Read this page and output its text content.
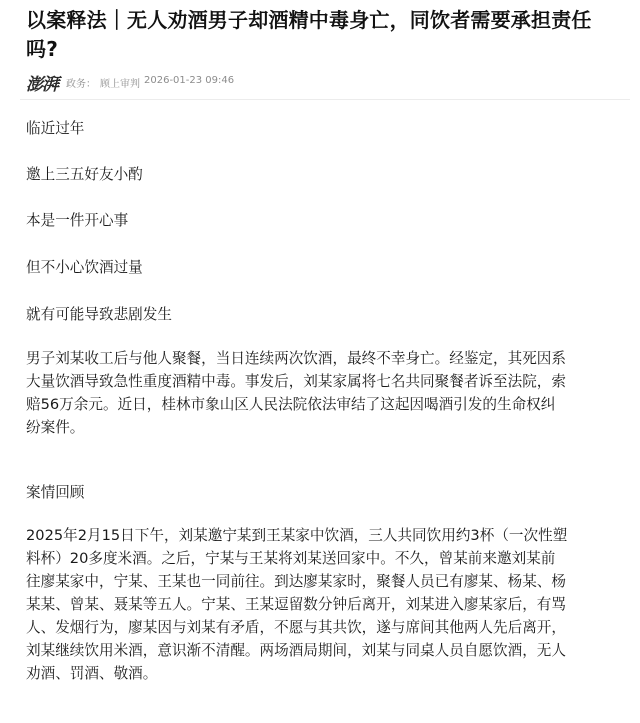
以案释法｜无人劝酒男子却酒精中毒身亡，同饮者需要承担责任
吗?
澎湃 政务： 顾上审判 2026-01-23 09:46

临近过年

邀上三五好友小酌

本是一件开心事

但不小心饮酒过量

就有可能导致悲剧发生

男子刘某收工后与他人聚餐，当日连续两次饮酒，最终不幸身亡。经鉴定，其死因系
大量饮酒导致急性重度酒精中毒。事发后，刘某家属将七名共同聚餐者诉至法院，索
赔56万余元。近日，桂林市象山区人民法院依法审结了这起因喝酒引发的生命权纠
纷案件。

案情回顾

2025年2月15日下午，刘某邀宁某到王某家中饮酒，三人共同饮用约3杯（一次性塑
料杯）20多度米酒。之后，宁某与王某将刘某送回家中。不久，曾某前来邀刘某前
往廖某家中，宁某、王某也一同前往。到达廖某家时，聚餐人员已有廖某、杨某、杨
某某、曾某、聂某等五人。宁某、王某逗留数分钟后离开，刘某进入廖某家后，有骂
人、发烟行为，廖某因与刘某有矛盾，不愿与其共饮，遂与席间其他两人先后离开，
刘某继续饮用米酒，意识渐不清醒。两场酒局期间，刘某与同桌人员自愿饮酒，无人
劝酒、罚酒、敬酒。
